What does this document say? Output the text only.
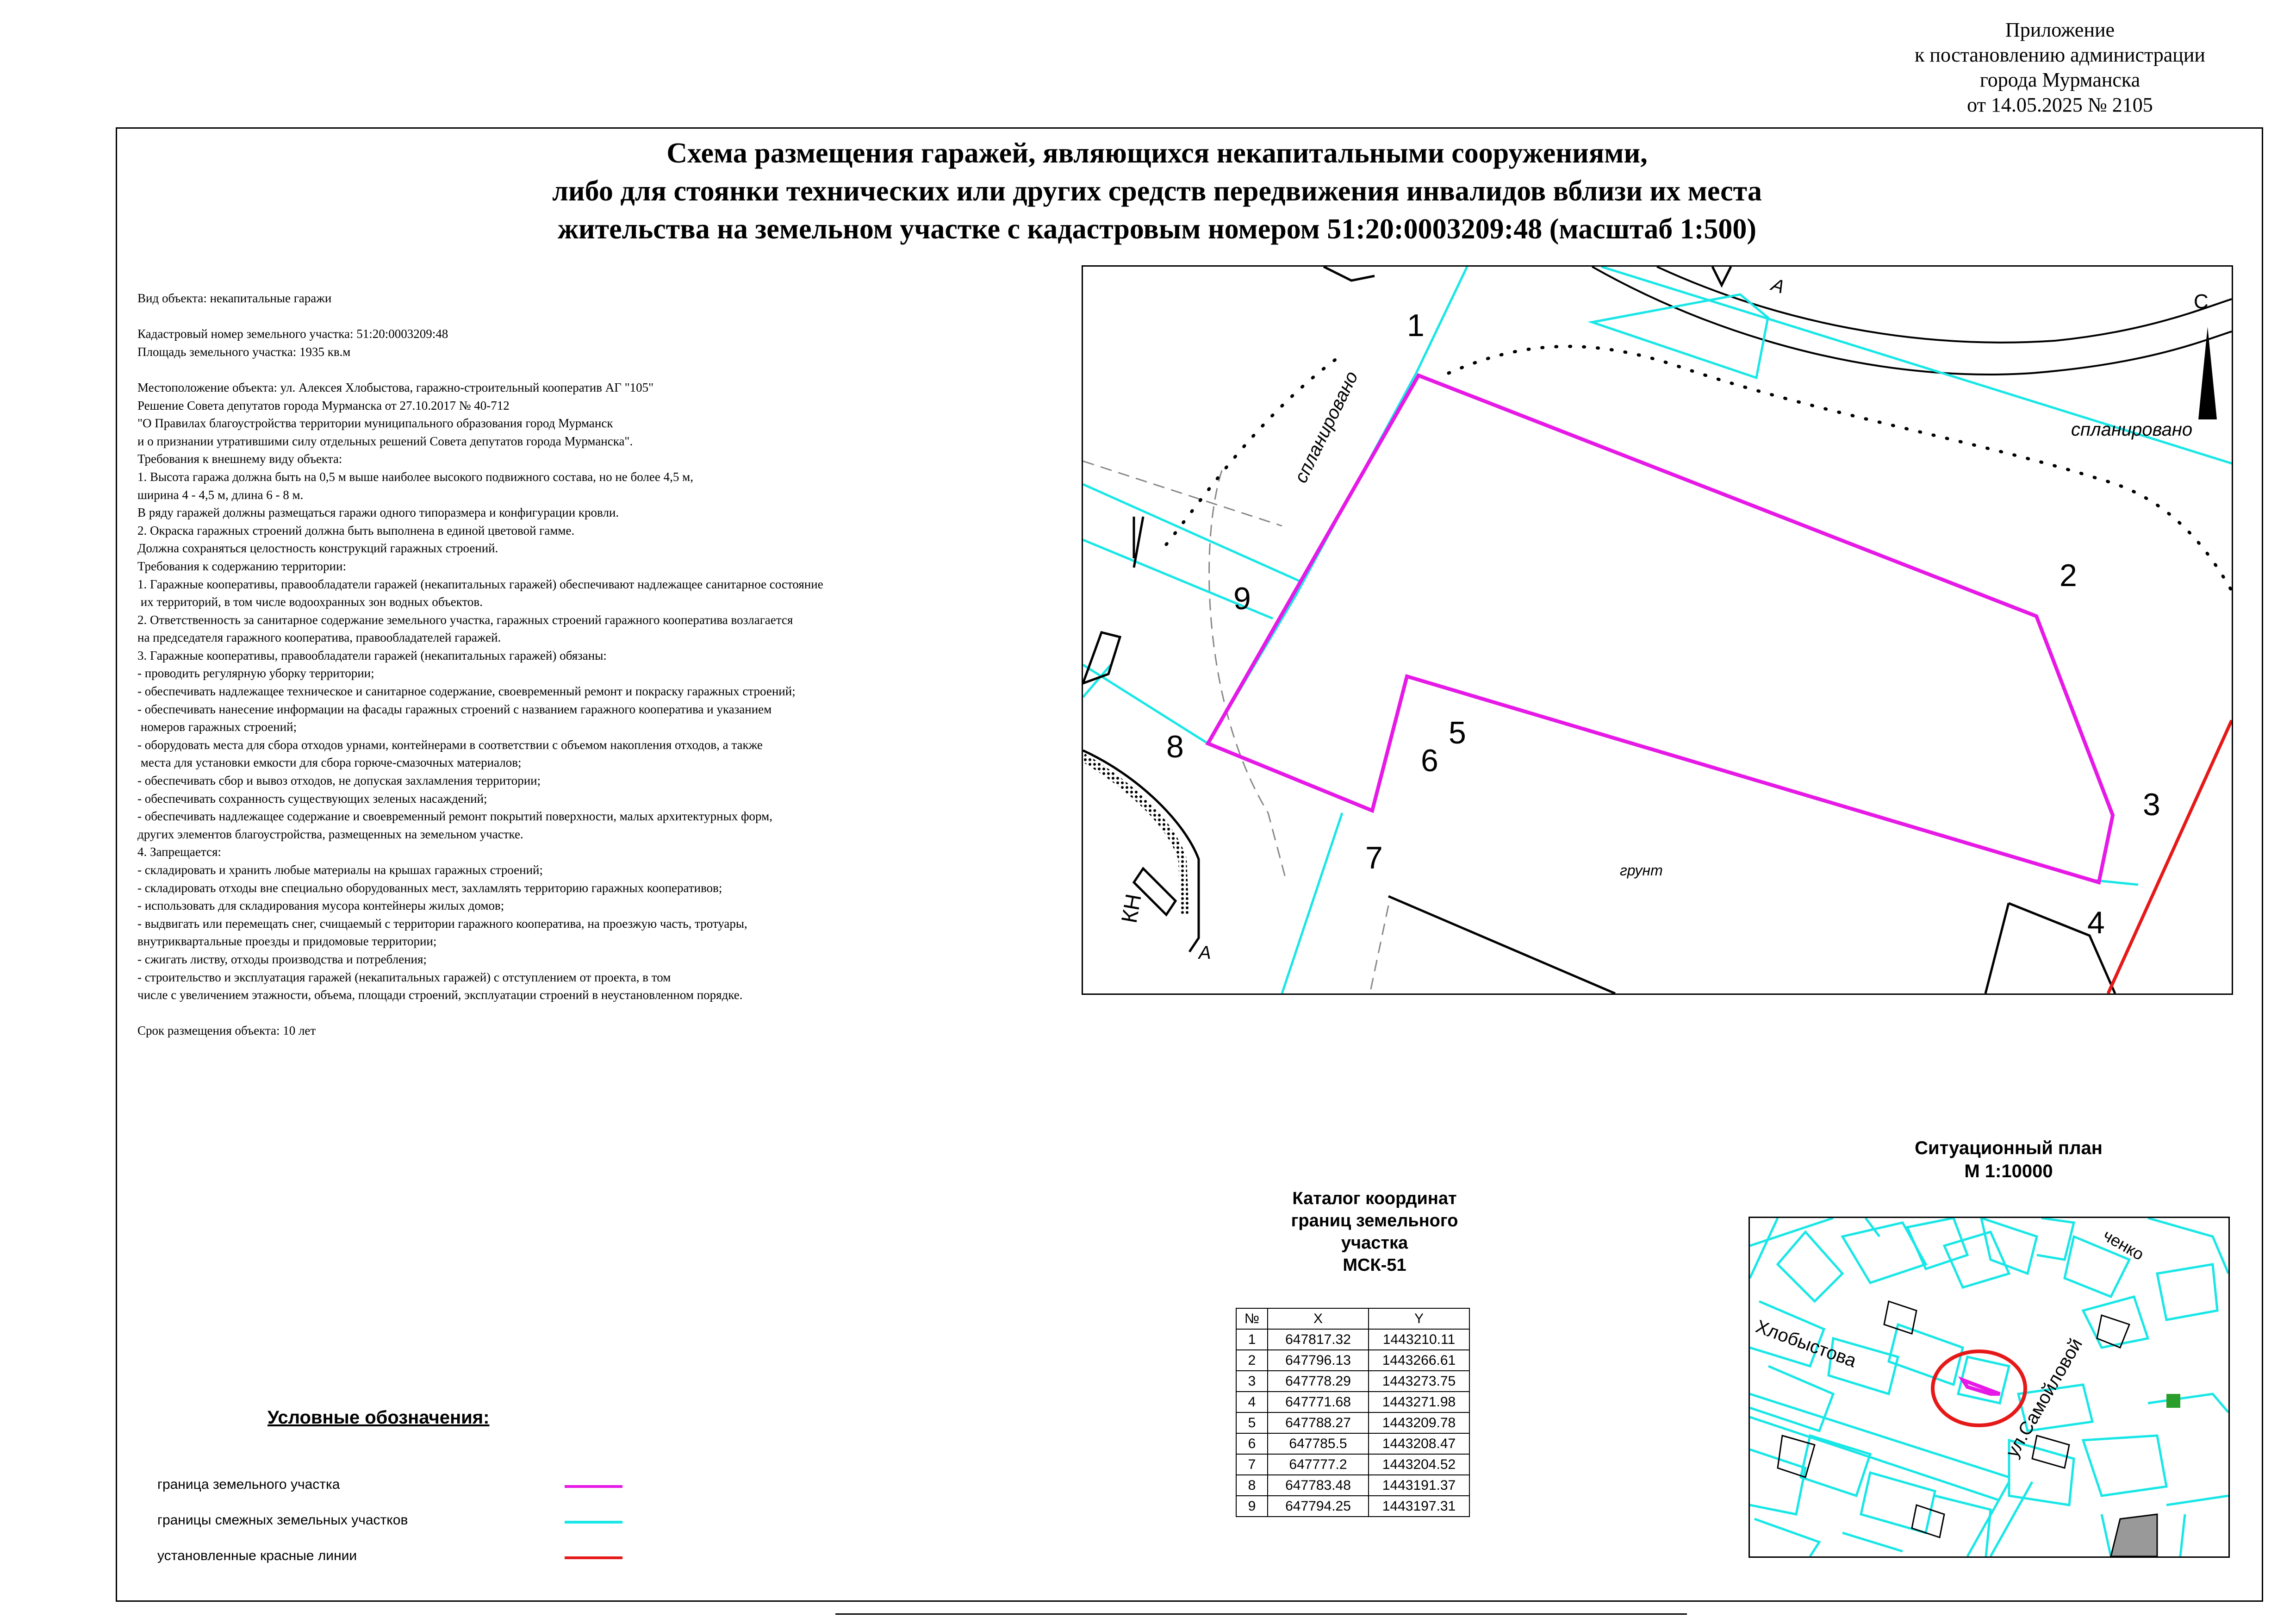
Приложение
к постановлению администрации
города Мурманска
от 14.05.2025 № 2105
Схема размещения гаражей, являющихся некапитальными сооружениями,
либо для стоянки технических или других средств передвижения инвалидов вблизи их места
жительства на земельном участке с кадастровым номером 51:20:0003209:48 (масштаб 1:500)
Вид объекта: некапитальные гаражи
Кадастровый номер земельного участка: 51:20:0003209:48
Площадь земельного участка: 1935 кв.м
Местоположение объекта: ул. Алексея Хлобыстова, гаражно-строительный кооператив АГ "105"
Решение Совета депутатов города Мурманска от 27.10.2017 № 40-712
"О Правилах благоустройства территории муниципального образования город Мурманск
и о признании утратившими силу отдельных решений Совета депутатов города Мурманска".
Требования к внешнему виду объекта:
1. Высота гаража должна быть на 0,5 м выше наиболее высокого подвижного состава, но не более 4,5 м,
ширина 4 - 4,5 м, длина 6 - 8 м.
В ряду гаражей должны размещаться гаражи одного типоразмера и конфигурации кровли.
2. Окраска гаражных строений должна быть выполнена в единой цветовой гамме.
Должна сохраняться целостность конструкций гаражных строений.
Требования к содержанию территории:
1. Гаражные кооперативы, правообладатели гаражей (некапитальных гаражей) обеспечивают надлежащее санитарное состояние
их территорий, в том числе водоохранных зон водных объектов.
2. Ответственность за санитарное содержание земельного участка, гаражных строений гаражного кооператива возлагается
на председателя гаражного кооператива, правообладателей гаражей.
3. Гаражные кооперативы, правообладатели гаражей (некапитальных гаражей) обязаны:
- проводить регулярную уборку территории;
- обеспечивать надлежащее техническое и санитарное содержание, своевременный ремонт и покраску гаражных строений;
- обеспечивать нанесение информации на фасады гаражных строений с названием гаражного кооператива и указанием
номеров гаражных строений;
- оборудовать места для сбора отходов урнами, контейнерами в соответствии с объемом накопления отходов, а также
места для установки емкости для сбора горюче-смазочных материалов;
- обеспечивать сбор и вывоз отходов, не допуская захламления территории;
- обеспечивать сохранность существующих зеленых насаждений;
- обеспечивать надлежащее содержание и своевременный ремонт покрытий поверхности, малых архитектурных форм,
других элементов благоустройства, размещенных на земельном участке.
4. Запрещается:
- складировать и хранить любые материалы на крышах гаражных строений;
- складировать отходы вне специально оборудованных мест, захламлять территорию гаражных кооперативов;
- использовать для складирования мусора контейнеры жилых домов;
- выдвигать или перемещать снег, счищаемый с территории гаражного кооператива, на проезжую часть, тротуары,
внутриквартальные проезды и придомовые территории;
- сжигать листву, отходы производства и потребления;
- строительство и эксплуатация гаражей (некапитальных гаражей) с отступлением от проекта, в том
числе с увеличением этажности, объема, площади строений, эксплуатации строений в неустановленном порядке.
Срок размещения объекта: 10 лет
С
1
2
3
4
5
6
7
8
9
спланировано	спланировано
грунт
КН
А
А
Каталог координат
границ земельного
участка
МСК-51
№	X	Y
1	647817.32	1443210.11
2	647796.13	1443266.61
3	647778.29	1443273.75
4	647771.68	1443271.98
5	647788.27	1443209.78
6	647785.5	1443208.47
7	647777.2	1443204.52
8	647783.48	1443191.37
9	647794.25	1443197.31
Ситуационный план
М 1:10000
Хлобыстова	ул.Самойловой
ченко
Условные обозначения:
граница земельного участка
границы смежных земельных участков
установленные красные линии
